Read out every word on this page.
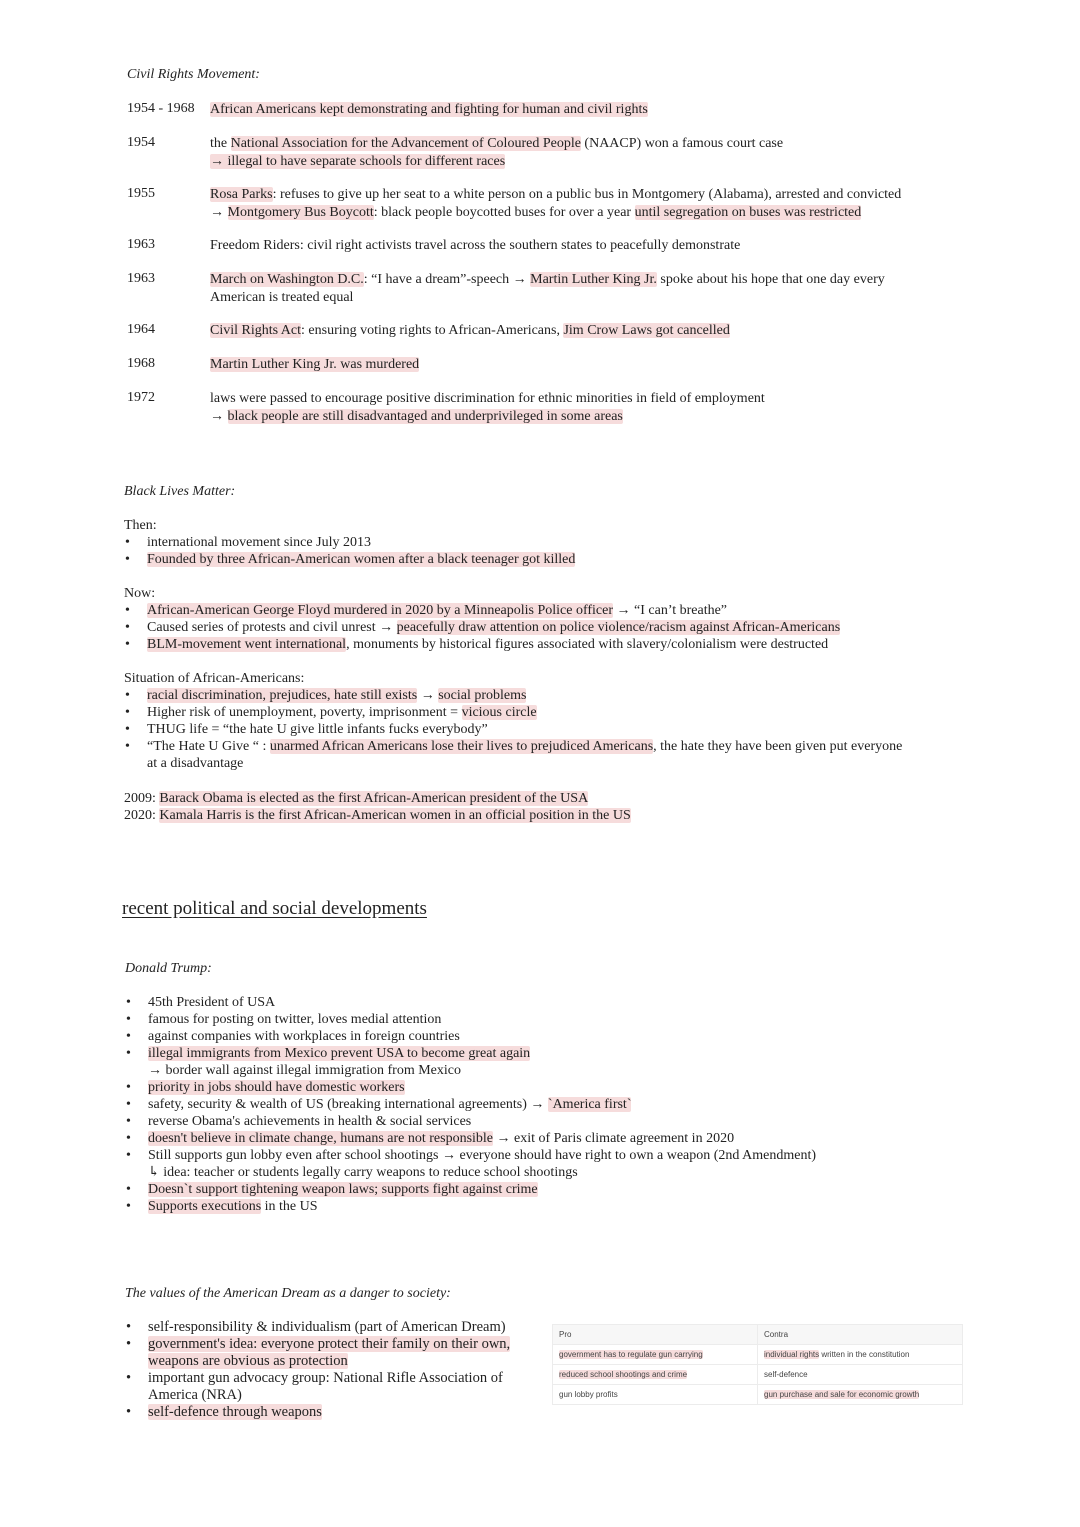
Civil Rights Movement:
1954 - 1968 African Americans kept demonstrating and fighting for human and civil rights
1954	the National Association for the Advancement of Coloured People (NAACP) won a famous court case
→ illegal to have separate schools for different races
1955	Rosa Parks: refuses to give up her seat to a white person on a public bus in Montgomery (Alabama), arrested and convicted
→ Montgomery Bus Boycott: black people boycotted buses for over a year until segregation on buses was restricted
1963	Freedom Riders: civil right activists travel across the southern states to peacefully demonstrate
1963	March on Washington D.C.: “I have a dream”-speech → Martin Luther King Jr. spoke about his hope that one day every
American is treated equal
1964	Civil Rights Act: ensuring voting rights to African-Americans, Jim Crow Laws got cancelled
1968	Martin Luther King Jr. was murdered
1972	laws were passed to encourage positive discrimination for ethnic minorities in field of employment
→ black people are still disadvantaged and underprivileged in some areas
Black Lives Matter:
Then:
• international movement since July 2013
• Founded by three African-American women after a black teenager got killed
Now:
• African-American George Floyd murdered in 2020 by a Minneapolis Police officer → “I can’t breathe”
• Caused series of protests and civil unrest → peacefully draw attention on police violence/racism against African-Americans
• BLM-movement went international, monuments by historical figures associated with slavery/colonialism were destructed
Situation of African-Americans:
• racial discrimination, prejudices, hate still exists → social problems
• Higher risk of unemployment, poverty, imprisonment = vicious circle
• THUG life = “the hate U give little infants fucks everybody”
• “The Hate U Give “ : unarmed African Americans lose their lives to prejudiced Americans, the hate they have been given put everyone
at a disadvantage
2009: Barack Obama is elected as the first African-American president of the USA
2020: Kamala Harris is the first African-American women in an official position in the US
recent political and social developments
Donald Trump:
• 45th President of USA
• famous for posting on twitter, loves medial attention
• against companies with workplaces in foreign countries
• illegal immigrants from Mexico prevent USA to become great again
→ border wall against illegal immigration from Mexico
• priority in jobs should have domestic workers
• safety, security & wealth of US (breaking international agreements) → `America first`
• reverse Obama's achievements in health & social services
• doesn't believe in climate change, humans are not responsible → exit of Paris climate agreement in 2020
• Still supports gun lobby even after school shootings → everyone should have right to own a weapon (2nd Amendment)
↳ idea: teacher or students legally carry weapons to reduce school shootings
• Doesn`t support tightening weapon laws; supports fight against crime
• Supports executions in the US
The values of the American Dream as a danger to society:
• self-responsibility & individualism (part of American Dream)
• government's idea: everyone protect their family on their own,
weapons are obvious as protection
• important gun advocacy group: National Rifle Association of
America (NRA)
• self-defence through weapons
Pro	Contra
government has to regulate gun carrying	individual rights written in the constitution
reduced school shootings and crime	self-defence
gun lobby profits	gun purchase and sale for economic growth
